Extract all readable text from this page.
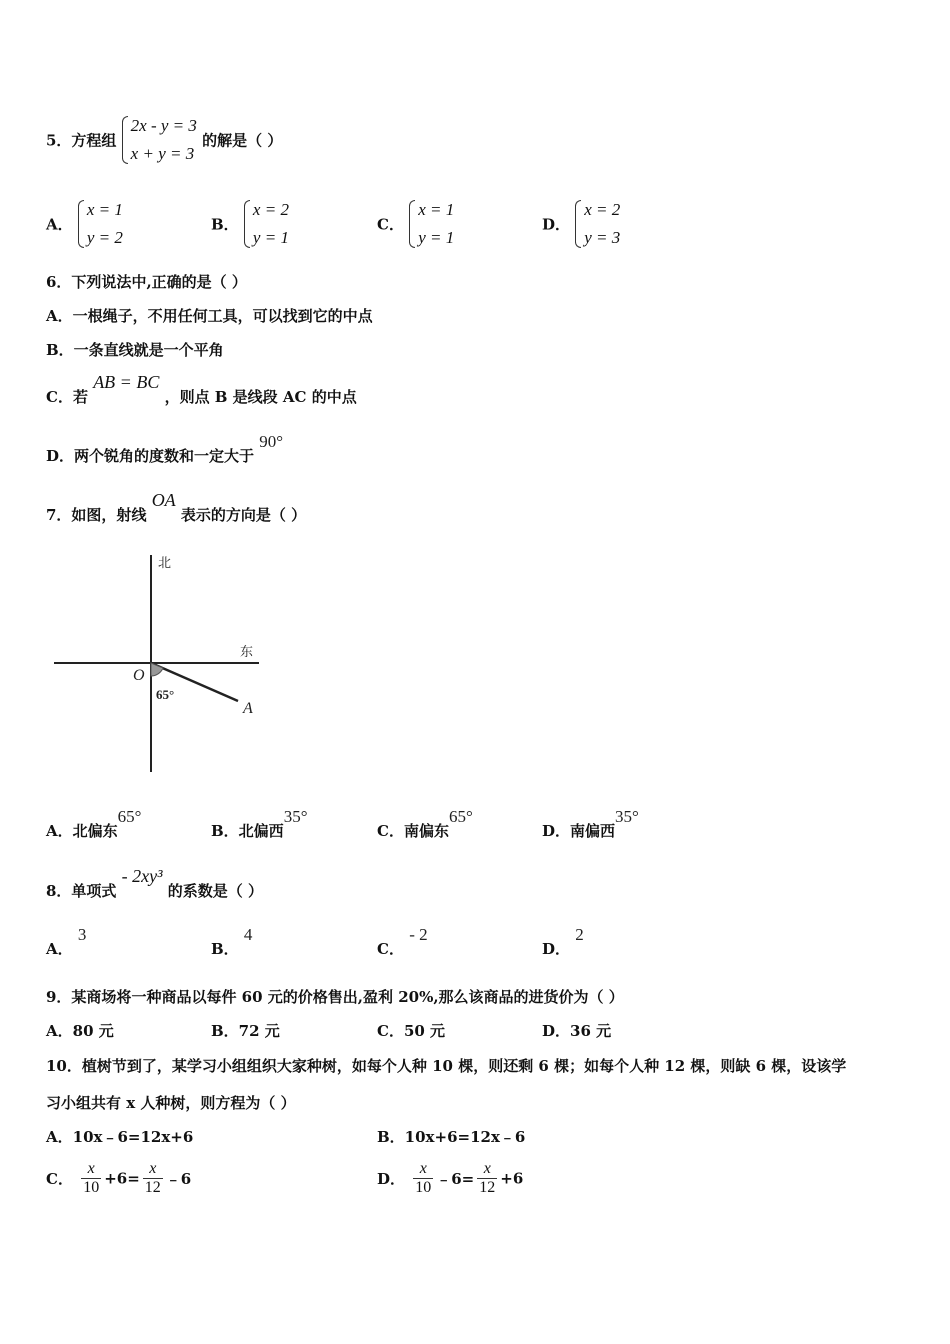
5．方程组
2x - y = 3
x + y = 3
的解是（ ）
A．
x = 1
y = 2
B．
x = 2
y = 1
C．
x = 1
y = 1
D．
x = 2
y = 3
6．下列说法中,正确的是（ ）
A．一根绳子，不用任何工具，可以找到它的中点
B．一条直线就是一个平角
C．若 AB = BC ，则点 B 是线段 AC 的中点
D．两个锐角的度数和一定大于 90°
7．如图，射线 OA 表示的方向是（ ）
北
东
O
65°
A
A．北偏东65°
B．北偏西35°
C．南偏东65°
D．南偏西35°
8．单项式 - 2xy³ 的系数是（ ）
A． 3
B． 4
C． - 2
D． 2
9．某商场将一种商品以每件 60 元的价格售出,盈利 20%,那么该商品的进货价为（ ）
A．80 元	B．72 元	C．50 元	D．36 元
10．植树节到了，某学习小组组织大家种树，如每个人种 10 棵，则还剩 6 棵；如每个人种 12 棵，则缺 6 棵，设该学
习小组共有 x 人种树，则方程为（ ）
A．10x﹣6=12x+6	B．10x+6=12x﹣6
C． $\frac{x}{10} +6= \frac{x}{12}$ ﹣6	D． $\frac{x}{10}$ ﹣6= $\frac{x}{12} +6$
